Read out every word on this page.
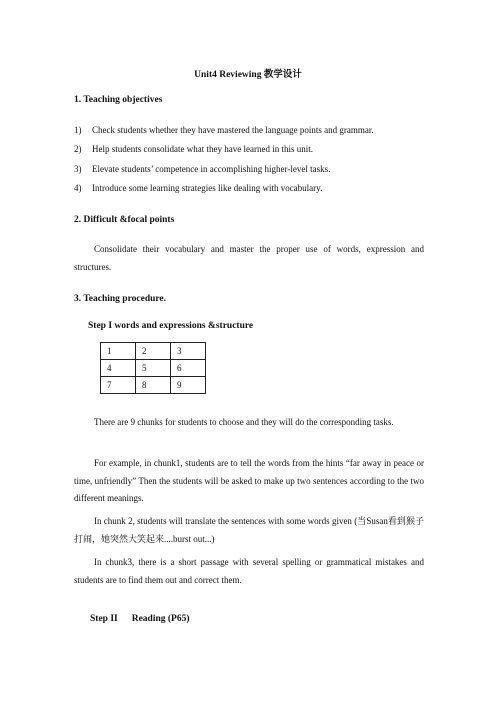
Unit4 Reviewing 教学设计
1. Teaching objectives
1) Check students whether they have mastered the language points and grammar.
2) Help students consolidate what they have learned in this unit.
3) Elevate students’ competence in accomplishing higher-level tasks.
4) Introduce some learning strategies like dealing with vocabulary.
2. Difficult &focal points
Consolidate their vocabulary and master the proper use of words, expression and structures.
3. Teaching procedure.
Step I words and expressions &structure
1	2	3
4	5	6
7	8	9
There are 9 chunks for students to choose and they will do the corresponding tasks.
For example, in chunk1, students are to tell the words from the hints “far away in peace or time, unfriendly” Then the students will be asked to make up two sentences according to the two different meanings.
In chunk 2, students will translate the sentences with some words given (当Susan看到猴子打闹，她突然大笑起来....burst out...)
In chunk3, there is a short passage with several spelling or grammatical mistakes and students are to find them out and correct them.
Step II Reading (P65)
